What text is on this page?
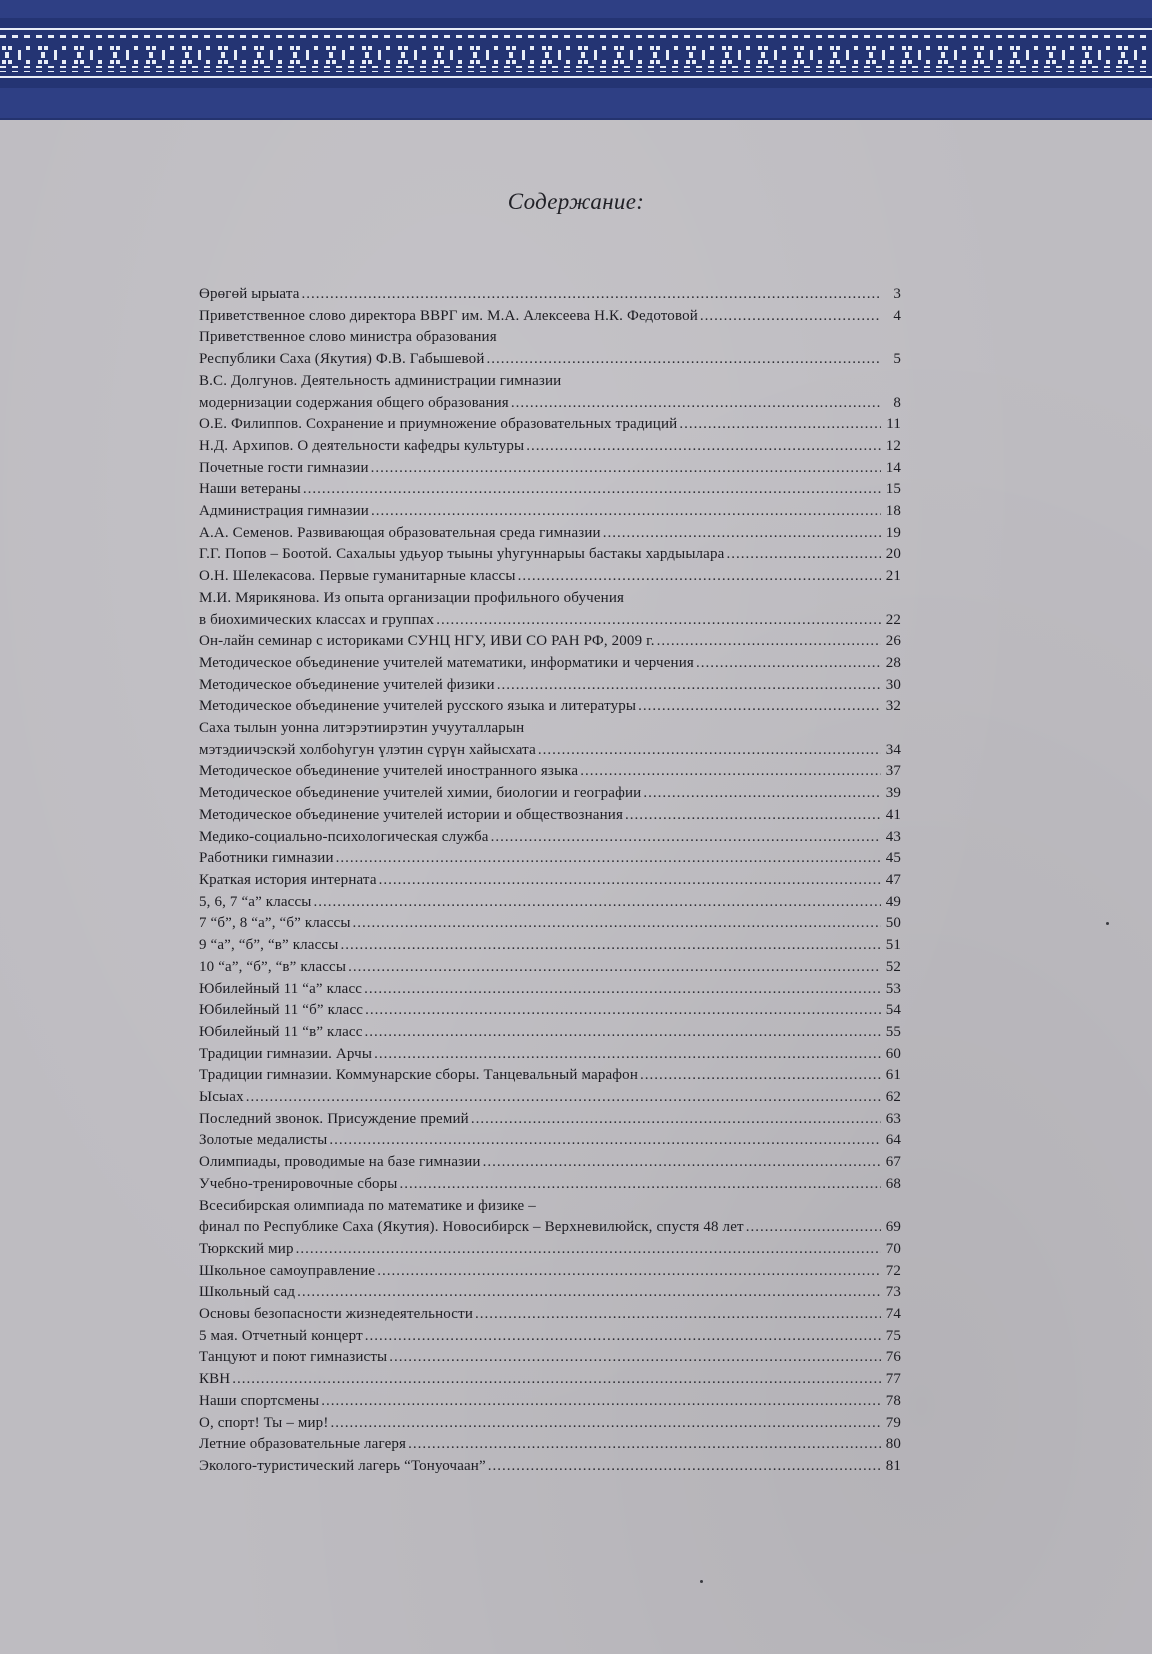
Содержание:
Өрөгөй ырыата .....	3
Приветственное слово директора ВВРГ им. М.А. Алексеева Н.К. Федотовой .....	4
Приветственное слово министра образования
Республики Саха (Якутия) Ф.В. Габышевой .....	5
В.С. Долгунов. Деятельность администрации гимназии
модернизации содержания общего образования .....	8
О.Е. Филиппов. Сохранение и приумножение образовательных традиций .....	11
Н.Д. Архипов. О деятельности кафедры культуры .....	12
Почетные гости гимназии .....	14
Наши ветераны .....	15
Администрация гимназии .....	18
А.А. Семенов. Развивающая образовательная среда гимназии .....	19
Г.Г. Попов – Боотой. Сахалыы удьуор тыыны уһугуннарыы бастакы хардыылара .....	20
О.Н. Шелекасова. Первые гуманитарные классы .....	21
М.И. Мярикянова. Из опыта организации профильного обучения
в биохимических классах и группах .....	22
Он-лайн семинар с историками СУНЦ НГУ, ИВИ СО РАН РФ, 2009 г. .....	26
Методическое объединение учителей математики, информатики и черчения .....	28
Методическое объединение учителей физики .....	30
Методическое объединение учителей русского языка и литературы .....	32
Саха тылын уонна литэрэтиирэтин учууталларын
мэтэдиичэскэй холбоһугун үлэтин сүрүн хайысхата .....	34
Методическое объединение учителей иностранного языка .....	37
Методическое объединение учителей химии, биологии и географии .....	39
Методическое объединение учителей истории и обществознания .....	41
Медико-социально-психологическая служба .....	43
Работники гимназии .....	45
Краткая история интерната .....	47
5, 6, 7 “а” классы .....	49
7 “б”, 8 “а”, “б” классы .....	50
9 “а”, “б”, “в” классы .....	51
10 “а”, “б”, “в” классы .....	52
Юбилейный 11 “а” класс .....	53
Юбилейный 11 “б” класс .....	54
Юбилейный 11 “в” класс .....	55
Традиции гимназии. Арчы .....	60
Традиции гимназии. Коммунарские сборы. Танцевальный марафон .....	61
Ысыах .....	62
Последний звонок. Присуждение премий .....	63
Золотые медалисты .....	64
Олимпиады, проводимые на базе гимназии .....	67
Учебно-тренировочные сборы .....	68
Всесибирская олимпиада по математике и физике –
финал по Республике Саха (Якутия). Новосибирск – Верхневилюйск, спустя 48 лет .....	69
Тюркский мир .....	70
Школьное самоуправление .....	72
Школьный сад .....	73
Основы безопасности жизнедеятельности .....	74
5 мая. Отчетный концерт .....	75
Танцуют и поют гимназисты .....	76
КВН .....	77
Наши спортсмены .....	78
О, спорт! Ты – мир! .....	79
Летние образовательные лагеря .....	80
Эколого-туристический лагерь “Тонуочаан” .....	81
